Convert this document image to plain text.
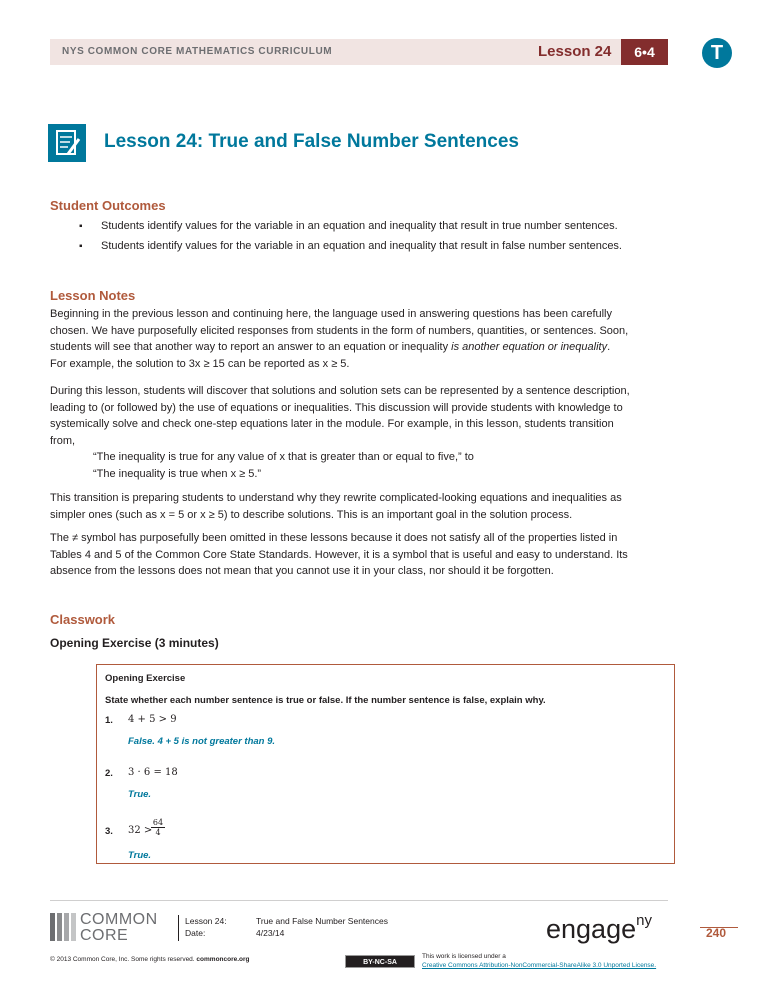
NYS COMMON CORE MATHEMATICS CURRICULUM	Lesson 24	6•4	T
Lesson 24: True and False Number Sentences
Student Outcomes
▪ Students identify values for the variable in an equation and inequality that result in true number sentences.
▪ Students identify values for the variable in an equation and inequality that result in false number sentences.
Lesson Notes
Beginning in the previous lesson and continuing here, the language used in answering questions has been carefully
chosen. We have purposefully elicited responses from students in the form of numbers, quantities, or sentences. Soon,
students will see that another way to report an answer to an equation or inequality is another equation or inequality.
For example, the solution to 3x ≥ 15 can be reported as x ≥ 5.
During this lesson, students will discover that solutions and solution sets can be represented by a sentence description,
leading to (or followed by) the use of equations or inequalities. This discussion will provide students with knowledge to
systemically solve and check one-step equations later in the module. For example, in this lesson, students transition
from,
“The inequality is true for any value of x that is greater than or equal to five,” to
“The inequality is true when x ≥ 5.”
This transition is preparing students to understand why they rewrite complicated-looking equations and inequalities as
simpler ones (such as x = 5 or x ≥ 5) to describe solutions. This is an important goal in the solution process.
The ≠ symbol has purposefully been omitted in these lessons because it does not satisfy all of the properties listed in
Tables 4 and 5 of the Common Core State Standards. However, it is a symbol that is useful and easy to understand. Its
absence from the lessons does not mean that you cannot use it in your class, nor should it be forgotten.
Classwork
Opening Exercise (3 minutes)
Opening Exercise
State whether each number sentence is true or false. If the number sentence is false, explain why.
1. 4 + 5 > 9
False. 4 + 5 is not greater than 9.
2. 3 · 6 = 18
True.
3. 32 >
$\frac{64}{4}$
True.
COMMON
CORE
Lesson 24:
Date:
True and False Number Sentences
4/23/14	engage$^{ny}$
240
© 2013 Common Core, Inc. Some rights reserved. commoncore.org	BY-NC-SA
This work is licensed under a
Creative Commons Attribution-NonCommercial-ShareAlike 3.0 Unported License.
